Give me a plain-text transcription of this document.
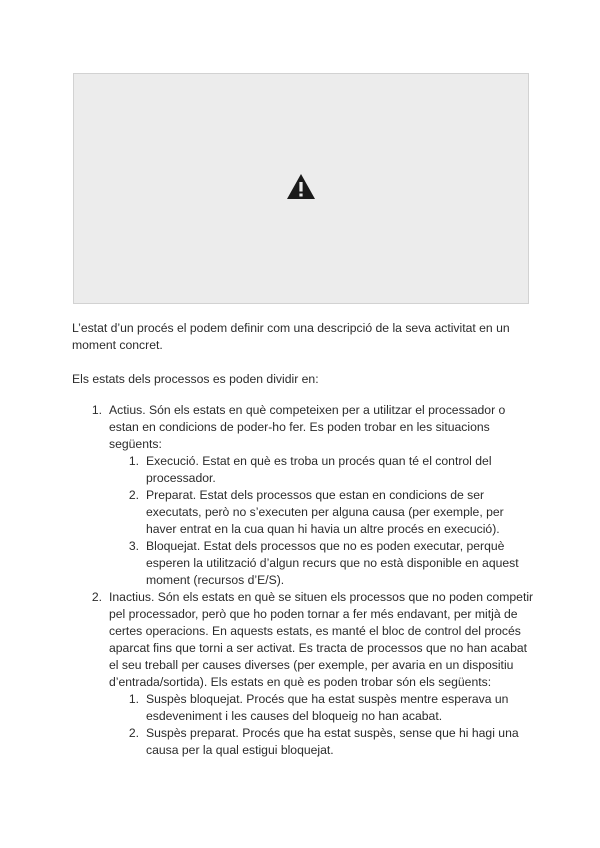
L’estat d’un procés el podem definir com una descripció de la seva activitat en un moment concret.

Els estats dels processos es poden dividir en:

1. Actius. Són els estats en què competeixen per a utilitzar el processador o estan en condicions de poder-ho fer. Es poden trobar en les situacions següents:
1. Execució. Estat en què es troba un procés quan té el control del processador.
2. Preparat. Estat dels processos que estan en condicions de ser executats, però no s’executen per alguna causa (per exemple, per haver entrat en la cua quan hi havia un altre procés en execució).
3. Bloquejat. Estat dels processos que no es poden executar, perquè esperen la utilització d’algun recurs que no està disponible en aquest moment (recursos d’E/S).
2. Inactius. Són els estats en què se situen els processos que no poden competir pel processador, però que ho poden tornar a fer més endavant, per mitjà de certes operacions. En aquests estats, es manté el bloc de control del procés aparcat fins que torni a ser activat. Es tracta de processos que no han acabat el seu treball per causes diverses (per exemple, per avaria en un dispositiu d’entrada/sortida). Els estats en què es poden trobar són els següents:
1. Suspès bloquejat. Procés que ha estat suspès mentre esperava un esdeveniment i les causes del bloqueig no han acabat.
2. Suspès preparat. Procés que ha estat suspès, sense que hi hagi una causa per la qual estigui bloquejat.
